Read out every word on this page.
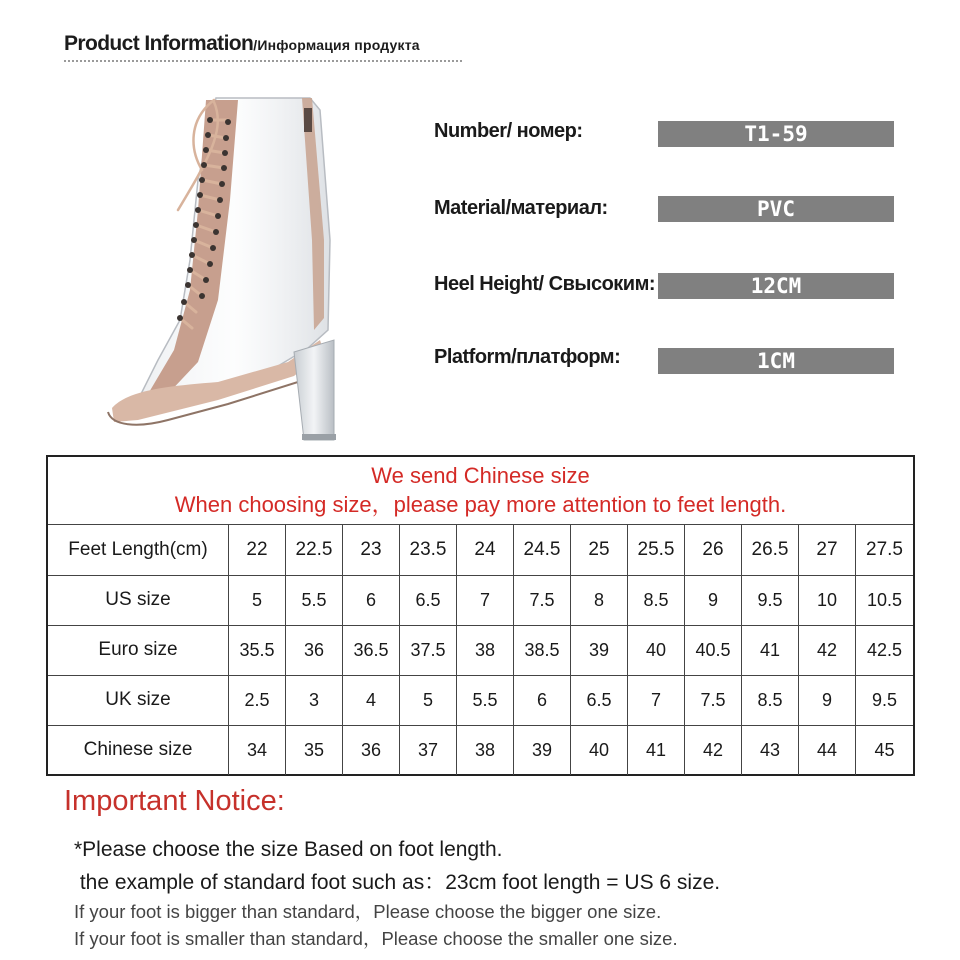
Product Information/Информация продукта
Number/ номер:	T1-59
Material/материал:	PVC
Heel Height/ Cвысоким:	12CM
Platform/платформ:	1CM
We send Chinese size
When choosing size，please pay more attention to feet length.
Feet Length(cm)	22	22.5	23	23.5	24	24.5	25	25.5	26	26.5	27	27.5
US size	5	5.5	6	6.5	7	7.5	8	8.5	9	9.5	10	10.5
Euro size	35.5	36	36.5	37.5	38	38.5	39	40	40.5	41	42	42.5
UK size	2.5	3	4	5	5.5	6	6.5	7	7.5	8.5	9	9.5
Chinese size	34	35	36	37	38	39	40	41	42	43	44	45
Important Notice:
*Please choose the size Based on foot length.
the example of standard foot such as：23cm foot length = US 6 size.
If your foot is bigger than standard，Please choose the bigger one size.
If your foot is smaller than standard，Please choose the smaller one size.
